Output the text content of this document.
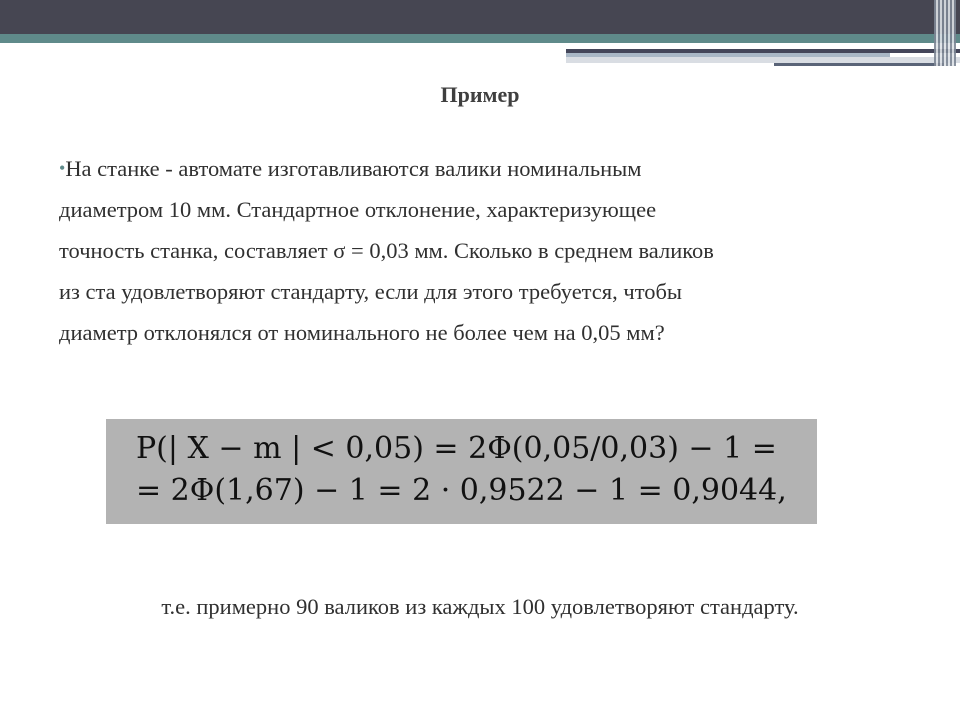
Пример
•На станке - автомате изготавливаются валики номинальным
диаметром 10 мм. Стандартное отклонение, характеризующее
точность станка, составляет σ = 0,03 мм. Сколько в среднем валиков
из ста удовлетворяют стандарту, если для этого требуется, чтобы
диаметр отклонялся от номинального не более чем на 0,05 мм?
P(| X − m | < 0,05) = 2Φ(0,05/0,03) − 1 =
= 2Φ(1,67) − 1 = 2 · 0,9522 − 1 = 0,9044,
т.е. примерно 90 валиков из каждых 100 удовлетворяют стандарту.
